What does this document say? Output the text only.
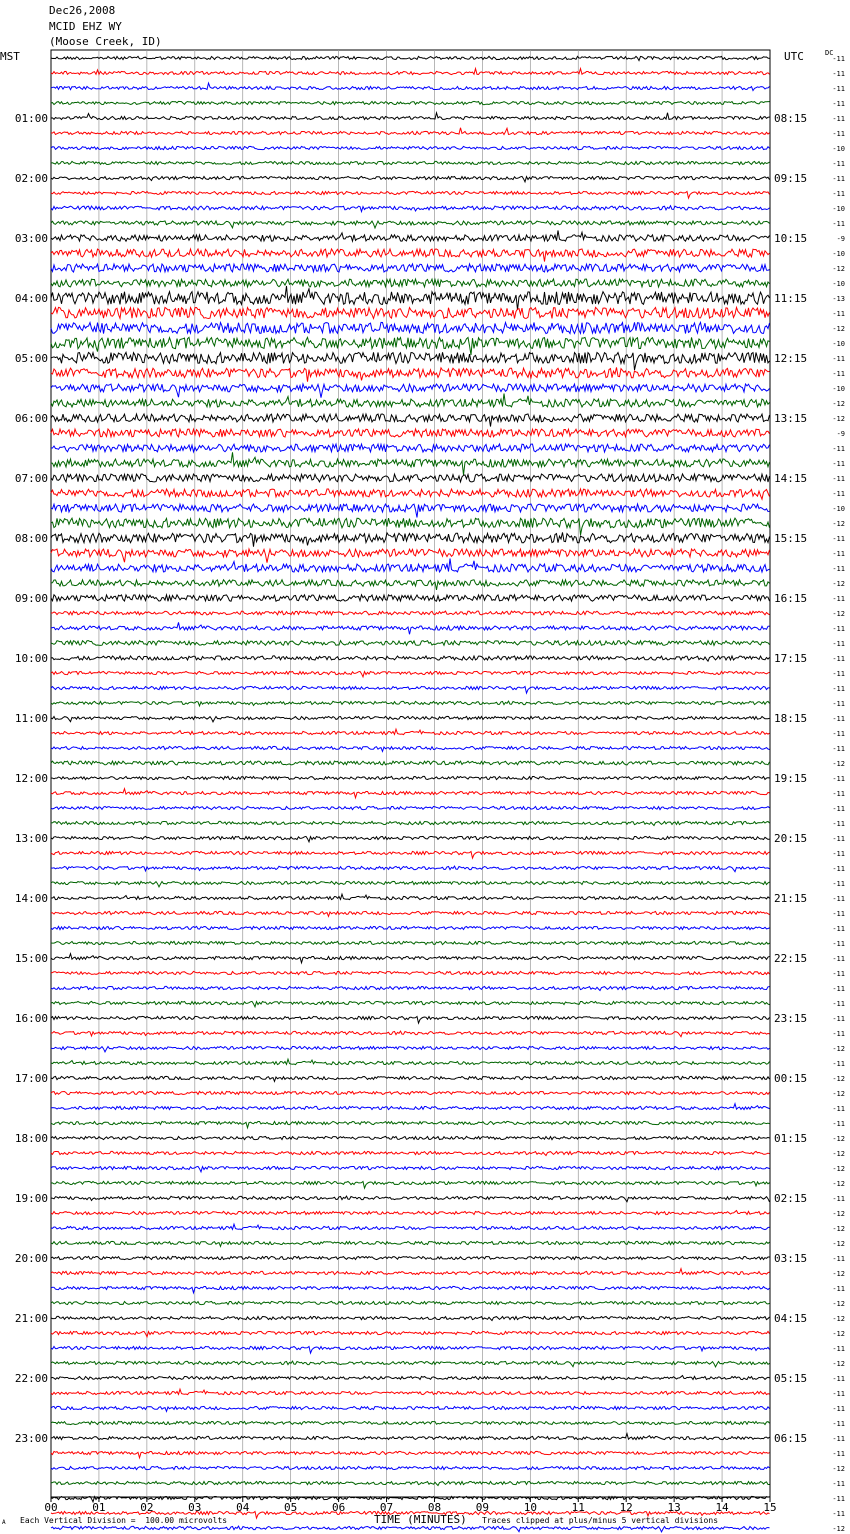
Dec26,2008
MCID EHZ WY
(Moose Creek, ID)
MST	UTC	DC
00	01	02	03	04	05	06	07	08	09	10	11	12	13	14	15
-11
-11
-11
-11
-11
-11
-10
-11
-11
-11
-10
-11
-9
-10
-12
-10
-13
-11
-12
-10
-11
-11
-10
-12
-12
-9
-11
-11
-11
-11
-10
-12
-11
-11
-11
-12
-11
-12
-11
-11
-11
-11
-11
-11
-11
-11
-11
-12
-11
-11
-11
-11
-11
-11
-11
-11
-11
-11
-11
-11
-11
-11
-11
-11
-11
-11
-12
-11
-12
-12
-11
-11
-12
-12
-12
-12
-11
-12
-12
-12
-11
-12
-11
-12
-12
-12
-11
-12
-11
-11
-11
-11
-11
-11
-12
-11
-11
-11
-12
01:00	08:15
02:00	09:15
03:00	10:15
04:00	11:15
05:00	12:15
06:00	13:15
07:00	14:15
08:00	15:15
09:00	16:15
10:00	17:15
11:00	18:15
12:00	19:15
13:00	20:15
14:00	21:15
15:00	22:15
16:00	23:15
17:00	00:15
18:00	01:15
19:00	02:15
20:00	03:15
21:00	04:15
22:00	05:15
23:00	06:15
A Each Vertical Division =  100.00 microvolts	TIME (MINUTES) Traces clipped at plus/minus 5 vertical divisions
